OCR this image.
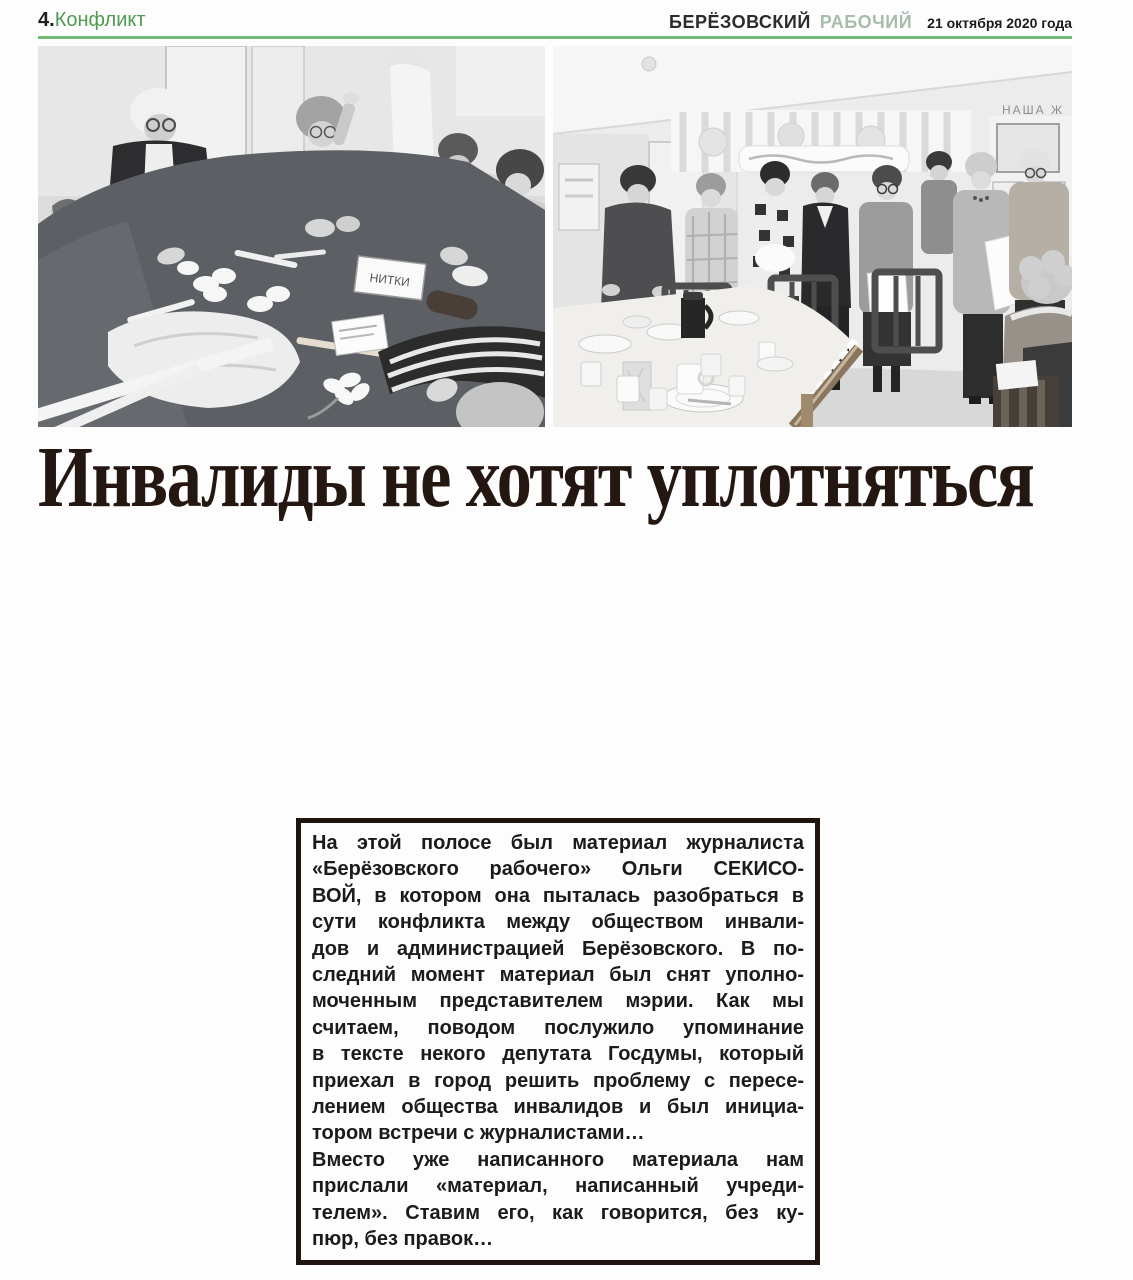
4.Конфликт	БЕРЁЗОВСКИЙ РАБОЧИЙ 21 октября 2020 года
НИТКИ
НАША Ж
Инвалиды не хотят уплотняться
На этой полосе был материал журналиста
«Берёзовского рабочего» Ольги СЕКИСО-
ВОЙ, в котором она пыталась разобраться в
сути конфликта между обществом инвали-
дов и администрацией Берёзовского. В по-
следний момент материал был снят уполно-
моченным представителем мэрии. Как мы
считаем, поводом послужило упоминание
в тексте некого депутата Госдумы, который
приехал в город решить проблему с пересе-
лением общества инвалидов и был инициа-
тором встречи с журналистами…
Вместо уже написанного материала нам
прислали «материал, написанный учреди-
телем». Ставим его, как говорится, без ку-
пюр, без правок…
